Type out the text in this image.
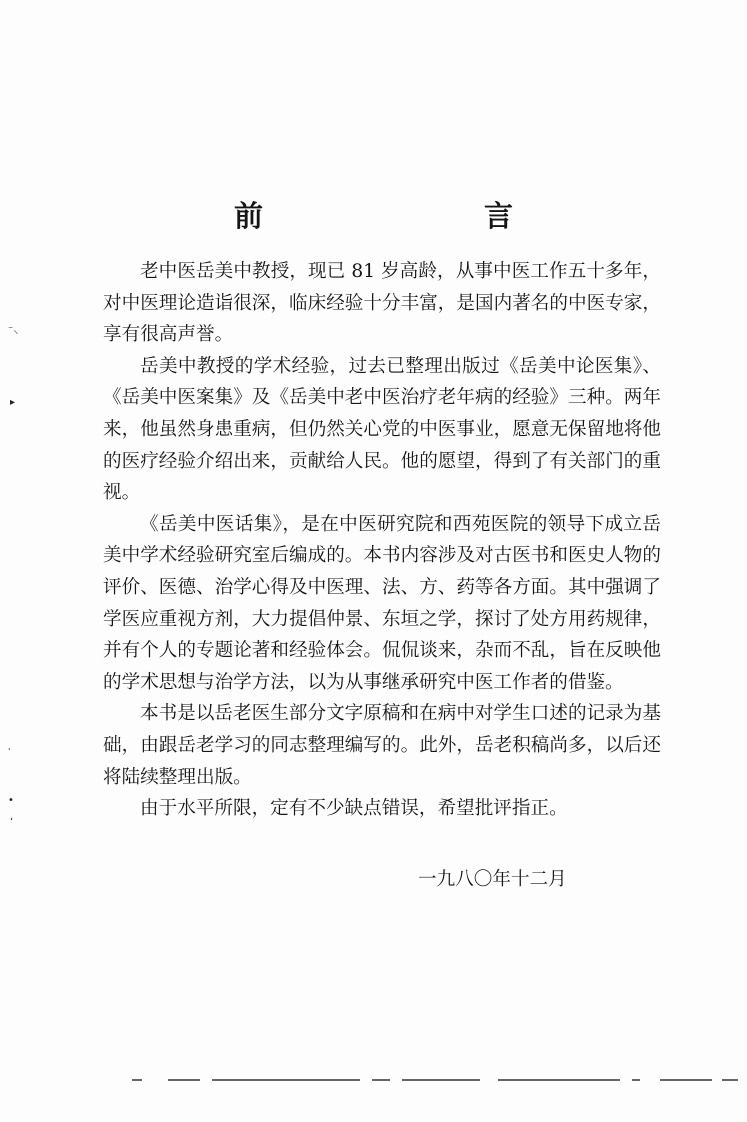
前　言

老中医岳美中教授，现已 81 岁高龄，从事中医工作五十多年，对中医理论造诣很深，临床经验十分丰富，是国内著名的中医专家，享有很高声誉。

岳美中教授的学术经验，过去已整理出版过《岳美中论医集》、《岳美中医案集》及《岳美中老中医治疗老年病的经验》三种。两年来，他虽然身患重病，但仍然关心党的中医事业，愿意无保留地将他的医疗经验介绍出来，贡献给人民。他的愿望，得到了有关部门的重视。

《岳美中医话集》，是在中医研究院和西苑医院的领导下成立岳美中学术经验研究室后编成的。本书内容涉及对古医书和医史人物的评价、医德、治学心得及中医理、法、方、药等各方面。其中强调了学医应重视方剂，大力提倡仲景、东垣之学，探讨了处方用药规律，并有个人的专题论著和经验体会。侃侃谈来，杂而不乱，旨在反映他的学术思想与治学方法，以为从事继承研究中医工作者的借鉴。

本书是以岳老医生部分文字原稿和在病中对学生口述的记录为基础，由跟岳老学习的同志整理编写的。此外，岳老积稿尚多，以后还将陆续整理出版。

由于水平所限，定有不少缺点错误，希望批评指正。

一九八〇年十二月
⁻⸜
▸
⸳
•
ʻ
